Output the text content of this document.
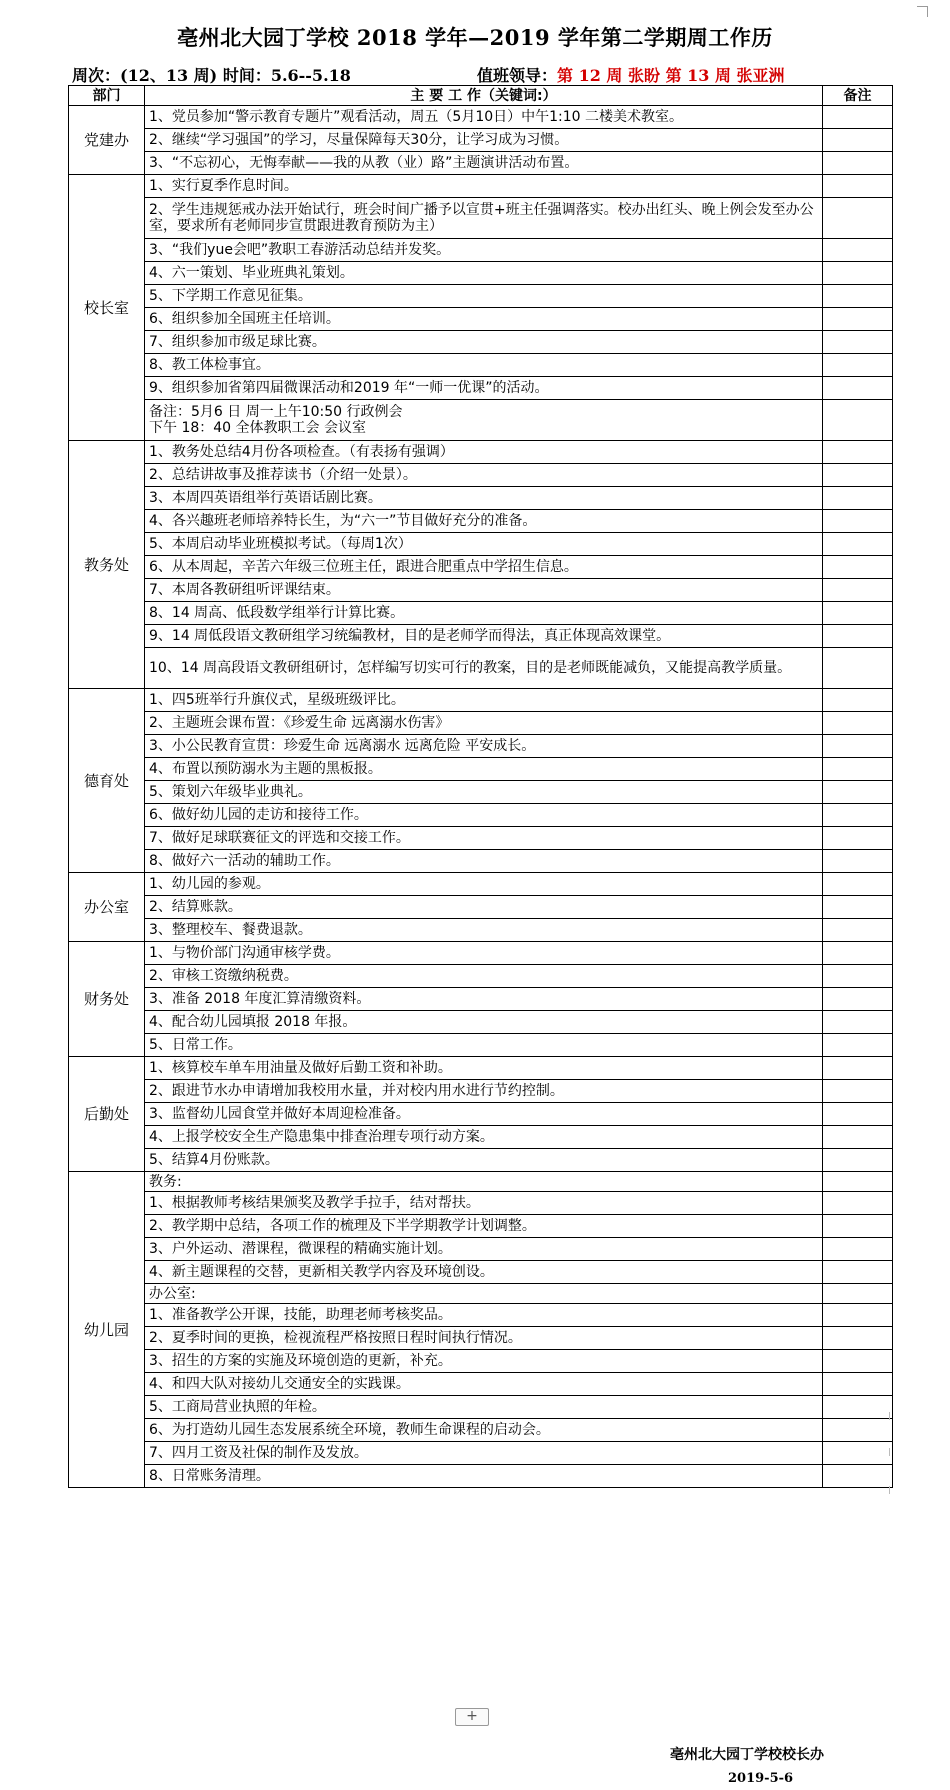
亳州北大园丁学校 2018 学年—2019 学年第二学期周工作历
周次：(12、13 周) 时间：5.6--5.18	值班领导：第 12 周 张盼 第 13 周 张亚洲
部门	主 要 工 作（关键词:）	备注
党建办	1、党员参加“警示教育专题片”观看活动，周五（5月10日）中午1:10 二楼美术教室。	
	2、继续“学习强国”的学习，尽量保障每天30分，让学习成为习惯。	
	3、“不忘初心，无悔奉献——我的从教（业）路”主题演讲活动布置。	
校长室	1、实行夏季作息时间。	
	2、学生违规惩戒办法开始试行，班会时间广播予以宣贯+班主任强调落实。校办出红头、晚上例会发至办公室，要求所有老师同步宣贯跟进教育预防为主）	
	3、“我们yue会吧”教职工春游活动总结并发奖。	
	4、六一策划、毕业班典礼策划。	
	5、下学期工作意见征集。	
	6、组织参加全国班主任培训。	
	7、组织参加市级足球比赛。	
	8、教工体检事宜。	
	9、组织参加省第四届微课活动和2019 年“一师一优课”的活动。	
	备注：5月6 日 周一上午10:50 行政例会
下午 18：40 全体教职工会 会议室	
教务处	1、教务处总结4月份各项检查。（有表扬有强调）	
	2、总结讲故事及推荐读书（介绍一处景）。	
	3、本周四英语组举行英语话剧比赛。	
	4、各兴趣班老师培养特长生，为“六一”节目做好充分的准备。	
	5、本周启动毕业班模拟考试。（每周1次）	
	6、从本周起，辛苦六年级三位班主任，跟进合肥重点中学招生信息。	
	7、本周各教研组听评课结束。	
	8、14 周高、低段数学组举行计算比赛。	
	9、14 周低段语文教研组学习统编教材，目的是老师学而得法，真正体现高效课堂。	
	10、14 周高段语文教研组研讨，怎样编写切实可行的教案，目的是老师既能减负，又能提高教学质量。	
德育处	1、四5班举行升旗仪式，星级班级评比。	
	2、主题班会课布置：《珍爱生命 远离溺水伤害》	
	3、小公民教育宣贯：珍爱生命 远离溺水 远离危险 平安成长。	
	4、布置以预防溺水为主题的黑板报。	
	5、策划六年级毕业典礼。	
	6、做好幼儿园的走访和接待工作。	
	7、做好足球联赛征文的评选和交接工作。	
	8、做好六一活动的辅助工作。	
办公室	1、幼儿园的参观。	
	2、结算账款。	
	3、整理校车、餐费退款。	
财务处	1、与物价部门沟通审核学费。	
	2、审核工资缴纳税费。	
	3、准备 2018 年度汇算清缴资料。	
	4、配合幼儿园填报 2018 年报。	
	5、日常工作。	
后勤处	1、核算校车单车用油量及做好后勤工资和补助。	
	2、跟进节水办申请增加我校用水量，并对校内用水进行节约控制。	
	3、监督幼儿园食堂并做好本周迎检准备。	
	4、上报学校安全生产隐患集中排查治理专项行动方案。	
	5、结算4月份账款。	
幼儿园	教务:	
	1、根据教师考核结果颁奖及教学手拉手，结对帮扶。	
	2、教学期中总结，各项工作的梳理及下半学期教学计划调整。	
	3、户外运动、潜课程，微课程的精确实施计划。	
	4、新主题课程的交替，更新相关教学内容及环境创设。	
	办公室:	
	1、准备教学公开课，技能，助理老师考核奖品。	
	2、夏季时间的更换，检视流程严格按照日程时间执行情况。	
	3、招生的方案的实施及环境创造的更新，补充。	
	4、和四大队对接幼儿交通安全的实践课。	
	5、工商局营业执照的年检。	
	6、为打造幼儿园生态发展系统全环境，教师生命课程的启动会。	
	7、四月工资及社保的制作及发放。	
	8、日常账务清理。	
+
亳州北大园丁学校校长办
2019-5-6
